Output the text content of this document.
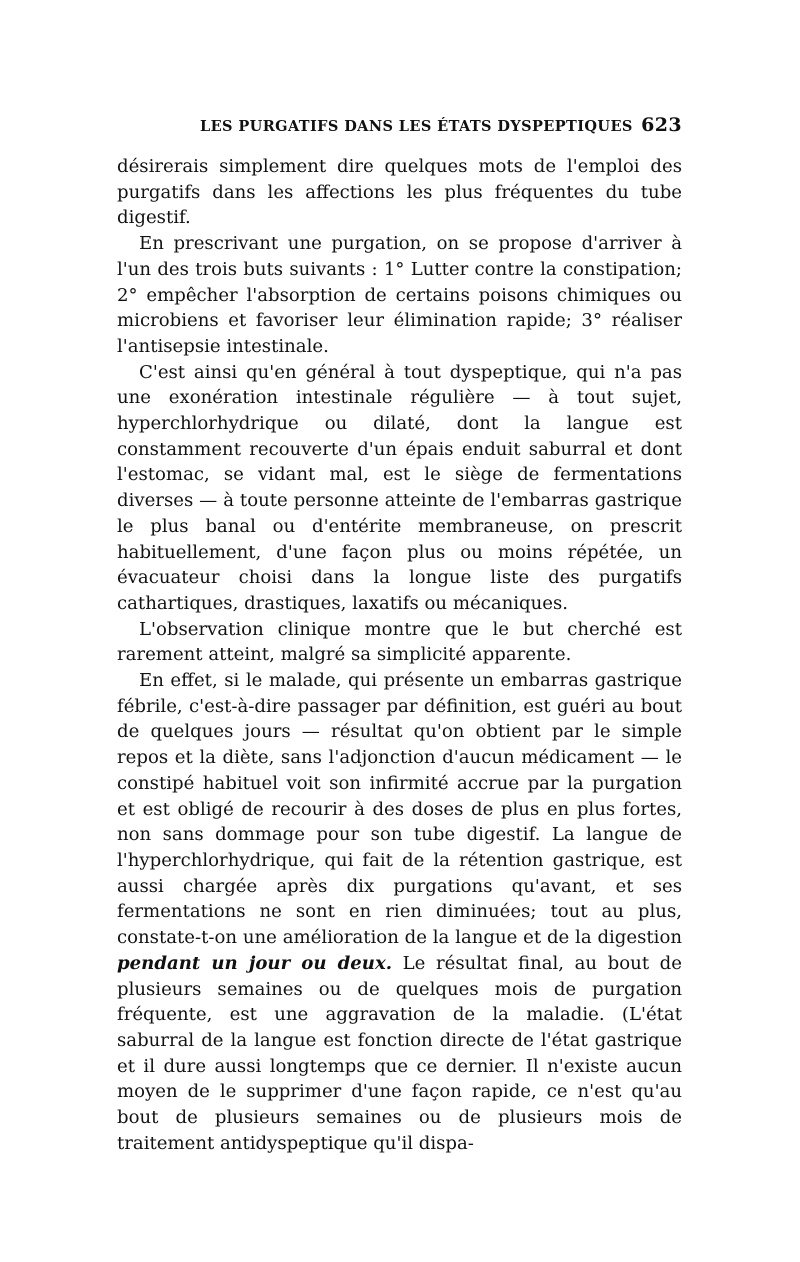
LES PURGATIFS DANS LES ÉTATS DYSPEPTIQUES 623

désirerais simplement dire quelques mots de l'emploi des purgatifs dans les affections les plus fréquentes du tube digestif.

En prescrivant une purgation, on se propose d'arriver à l'un des trois buts suivants : 1° Lutter contre la constipation; 2° empêcher l'absorption de certains poisons chimiques ou microbiens et favoriser leur élimination rapide; 3° réaliser l'antisepsie intestinale.

C'est ainsi qu'en général à tout dyspeptique, qui n'a pas une exonération intestinale régulière — à tout sujet, hyperchlorhydrique ou dilaté, dont la langue est constamment recouverte d'un épais enduit saburral et dont l'estomac, se vidant mal, est le siège de fermentations diverses — à toute personne atteinte de l'embarras gastrique le plus banal ou d'entérite membraneuse, on prescrit habituellement, d'une façon plus ou moins répétée, un évacuateur choisi dans la longue liste des purgatifs cathartiques, drastiques, laxatifs ou mécaniques.

L'observation clinique montre que le but cherché est rarement atteint, malgré sa simplicité apparente.

En effet, si le malade, qui présente un embarras gastrique fébrile, c'est-à-dire passager par définition, est guéri au bout de quelques jours — résultat qu'on obtient par le simple repos et la diète, sans l'adjonction d'aucun médicament — le constipé habituel voit son infirmité accrue par la purgation et est obligé de recourir à des doses de plus en plus fortes, non sans dommage pour son tube digestif. La langue de l'hyperchlorhydrique, qui fait de la rétention gastrique, est aussi chargée après dix purgations qu'avant, et ses fermentations ne sont en rien diminuées; tout au plus, constate-t-on une amélioration de la langue et de la digestion pendant un jour ou deux. Le résultat final, au bout de plusieurs semaines ou de quelques mois de purgation fréquente, est une aggravation de la maladie. (L'état saburral de la langue est fonction directe de l'état gastrique et il dure aussi longtemps que ce dernier. Il n'existe aucun moyen de le supprimer d'une façon rapide, ce n'est qu'au bout de plusieurs semaines ou de plusieurs mois de traitement antidyspeptique qu'il dispa-
